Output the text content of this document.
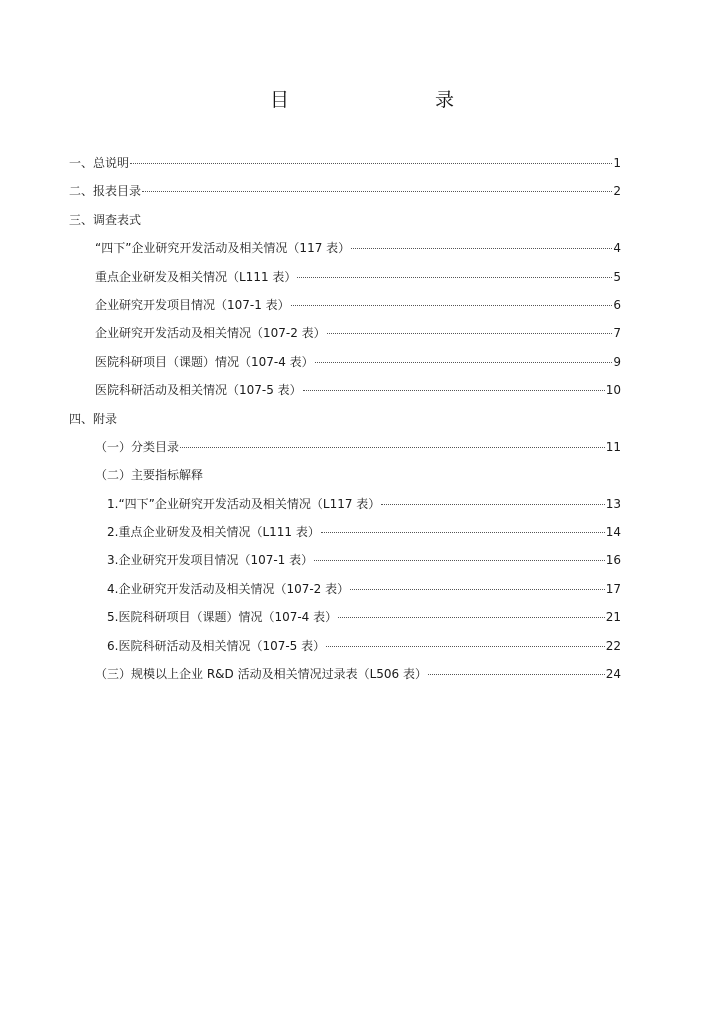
目　　录
一、总说明	1
二、报表目录	2
三、调查表式
“四下”企业研究开发活动及相关情况（117 表）	4
重点企业研发及相关情况（L111 表）	5
企业研究开发项目情况（107-1 表）	6
企业研究开发活动及相关情况（107-2 表）	7
医院科研项目（课题）情况（107-4 表）	9
医院科研活动及相关情况（107-5 表）	10
四、附录
（一）分类目录	11
（二）主要指标解释
1.“四下”企业研究开发活动及相关情况（L117 表）	13
2.重点企业研发及相关情况（L111 表）	14
3.企业研究开发项目情况（107-1 表）	16
4.企业研究开发活动及相关情况（107-2 表）	17
5.医院科研项目（课题）情况（107-4 表）	21
6.医院科研活动及相关情况（107-5 表）	22
（三）规模以上企业 R&D 活动及相关情况过录表（L506 表）	24
